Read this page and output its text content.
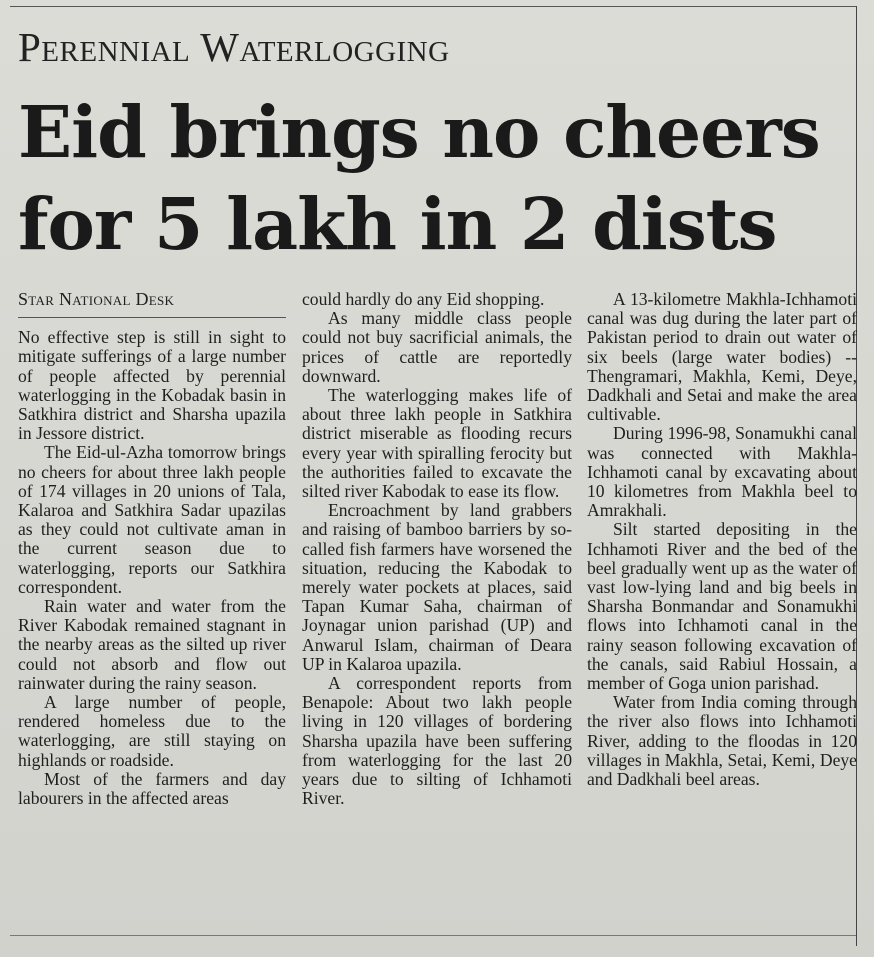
Perennial Waterlogging
Eid brings no cheers
for 5 lakh in 2 dists
Star National Desk

No effective step is still in sight to mitigate sufferings of a large number of people affected by perennial waterlogging in the Kobadak basin in Satkhira district and Sharsha upazila in Jessore district.

The Eid-ul-Azha tomorrow brings no cheers for about three lakh people of 174 villages in 20 unions of Tala, Kalaroa and Satkhira Sadar upazilas as they could not cultivate aman in the current season due to waterlogging, reports our Satkhira correspondent.

Rain water and water from the River Kabodak remained stagnant in the nearby areas as the silted up river could not absorb and flow out rainwater during the rainy season.

A large number of people, rendered homeless due to the waterlogging, are still staying on highlands or roadside.

Most of the farmers and day labourers in the affected areas

could hardly do any Eid shopping.

As many middle class people could not buy sacrificial animals, the prices of cattle are reportedly downward.

The waterlogging makes life of about three lakh people in Satkhira district miserable as flooding recurs every year with spiralling ferocity but the authorities failed to excavate the silted river Kabodak to ease its flow.

Encroachment by land grabbers and raising of bamboo barriers by so-called fish farmers have worsened the situation, reducing the Kabodak to merely water pockets at places, said Tapan Kumar Saha, chairman of Joynagar union parishad (UP) and Anwarul Islam, chairman of Deara UP in Kalaroa upazila.

A correspondent reports from Benapole: About two lakh people living in 120 villages of bordering Sharsha upazila have been suffering from waterlogging for the last 20 years due to silting of Ichhamoti River.

A 13-kilometre Makhla-Ichhamoti canal was dug during the later part of Pakistan period to drain out water of six beels (large water bodies) -- Thengramari, Makhla, Kemi, Deye, Dadkhali and Setai and make the area cultivable.

During 1996-98, Sonamukhi canal was connected with Makhla-Ichhamoti canal by excavating about 10 kilometres from Makhla beel to Amrakhali.

Silt started depositing in the Ichhamoti River and the bed of the beel gradually went up as the water of vast low-lying land and big beels in Sharsha Bonmandar and Sonamukhi flows into Ichhamoti canal in the rainy season following excavation of the canals, said Rabiul Hossain, a member of Goga union parishad.

Water from India coming through the river also flows into Ichhamoti River, adding to the floodas in 120 villages in Makhla, Setai, Kemi, Deye and Dadkhali beel areas.
